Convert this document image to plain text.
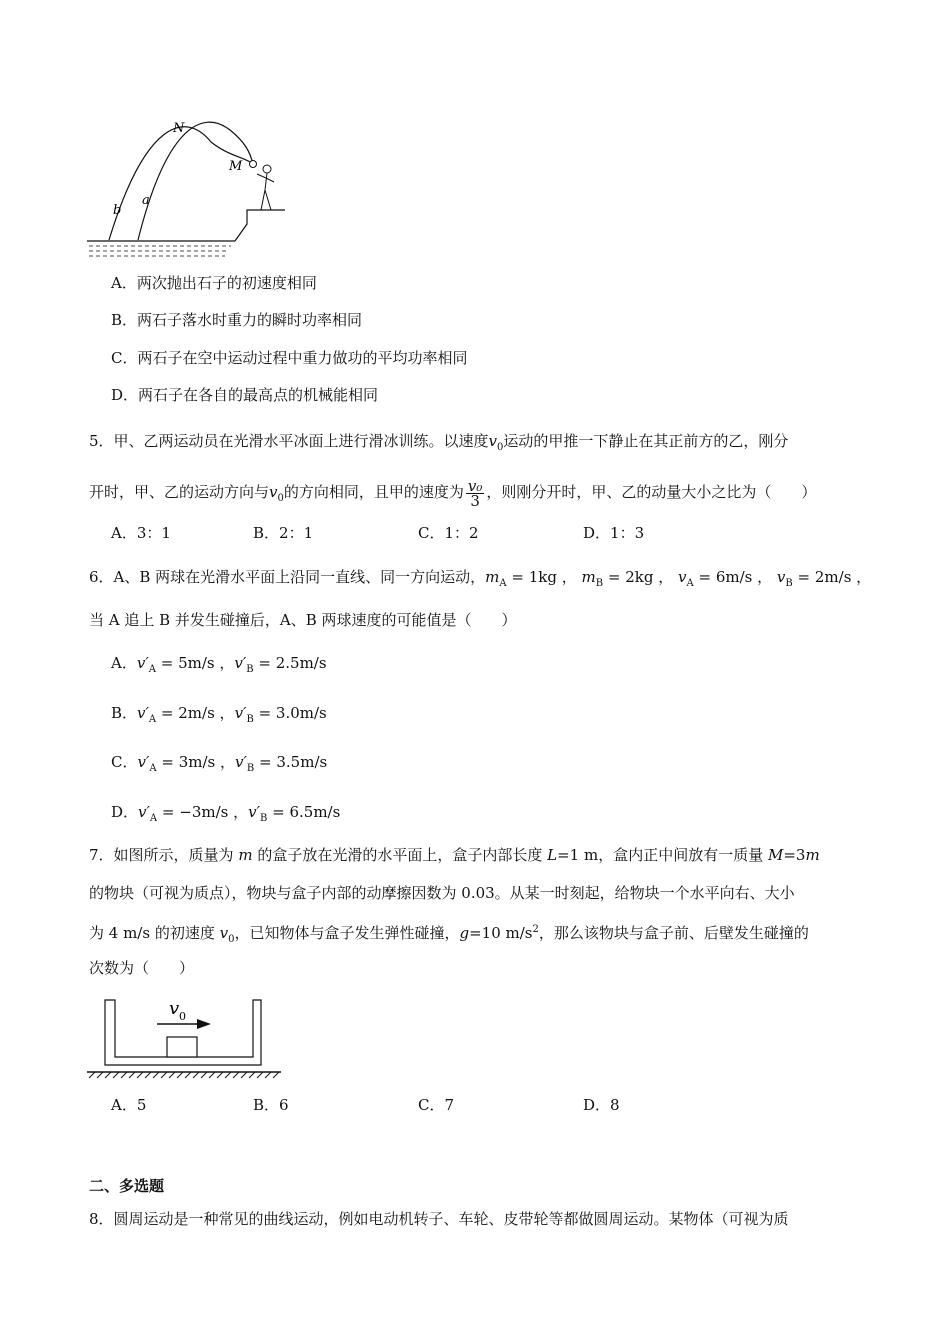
N
M
a
b
A．两次抛出石子的初速度相同
B．两石子落水时重力的瞬时功率相同
C．两石子在空中运动过程中重力做功的平均功率相同
D．两石子在各自的最高点的机械能相同
5．甲、乙两运动员在光滑水平冰面上进行滑冰训练。以速度$v_0$运动的甲推一下静止在其正前方的乙，刚分
开时，甲、乙的运动方向与$v_0$的方向相同，且甲的速度为 $\frac{\text{v₀}}{3}$ ，则刚分开时，甲、乙的动量大小之比为（　　）
A．3：1	B．2：1	C．1：2	D．1：3
6．A、B 两球在光滑水平面上沿同一直线、同一方向运动，$m_A = 1kg$ ， $m_B = 2kg$ ， $v_A = 6m/s$ ， $v_B = 2m/s$ ，
当 A 追上 B 并发生碰撞后，A、B 两球速度的可能值是（　　）
A．$v'_A = 5m/s$ ，$v'_B = 2.5m/s$
B．$v'_A = 2m/s$ ，$v'_B = 3.0m/s$
C．$v'_A = 3m/s$ ，$v'_B = 3.5m/s$
D．$v'_A = -3m/s$ ，$v'_B = 6.5m/s$
7．如图所示，质量为 m 的盒子放在光滑的水平面上，盒子内部长度 L=1 m，盒内正中间放有一质量 M=3m
的物块（可视为质点），物块与盒子内部的动摩擦因数为 0.03。从某一时刻起，给物块一个水平向右、大小
为 4 m/s 的初速度 $v_0$，已知物体与盒子发生弹性碰撞，g=10 $m/s^2$，那么该物块与盒子前、后壁发生碰撞的
次数为（　　）
v 0
A．5	B．6	C．7	D．8
二、多选题
8．圆周运动是一种常见的曲线运动，例如电动机转子、车轮、皮带轮等都做圆周运动。某物体（可视为质
